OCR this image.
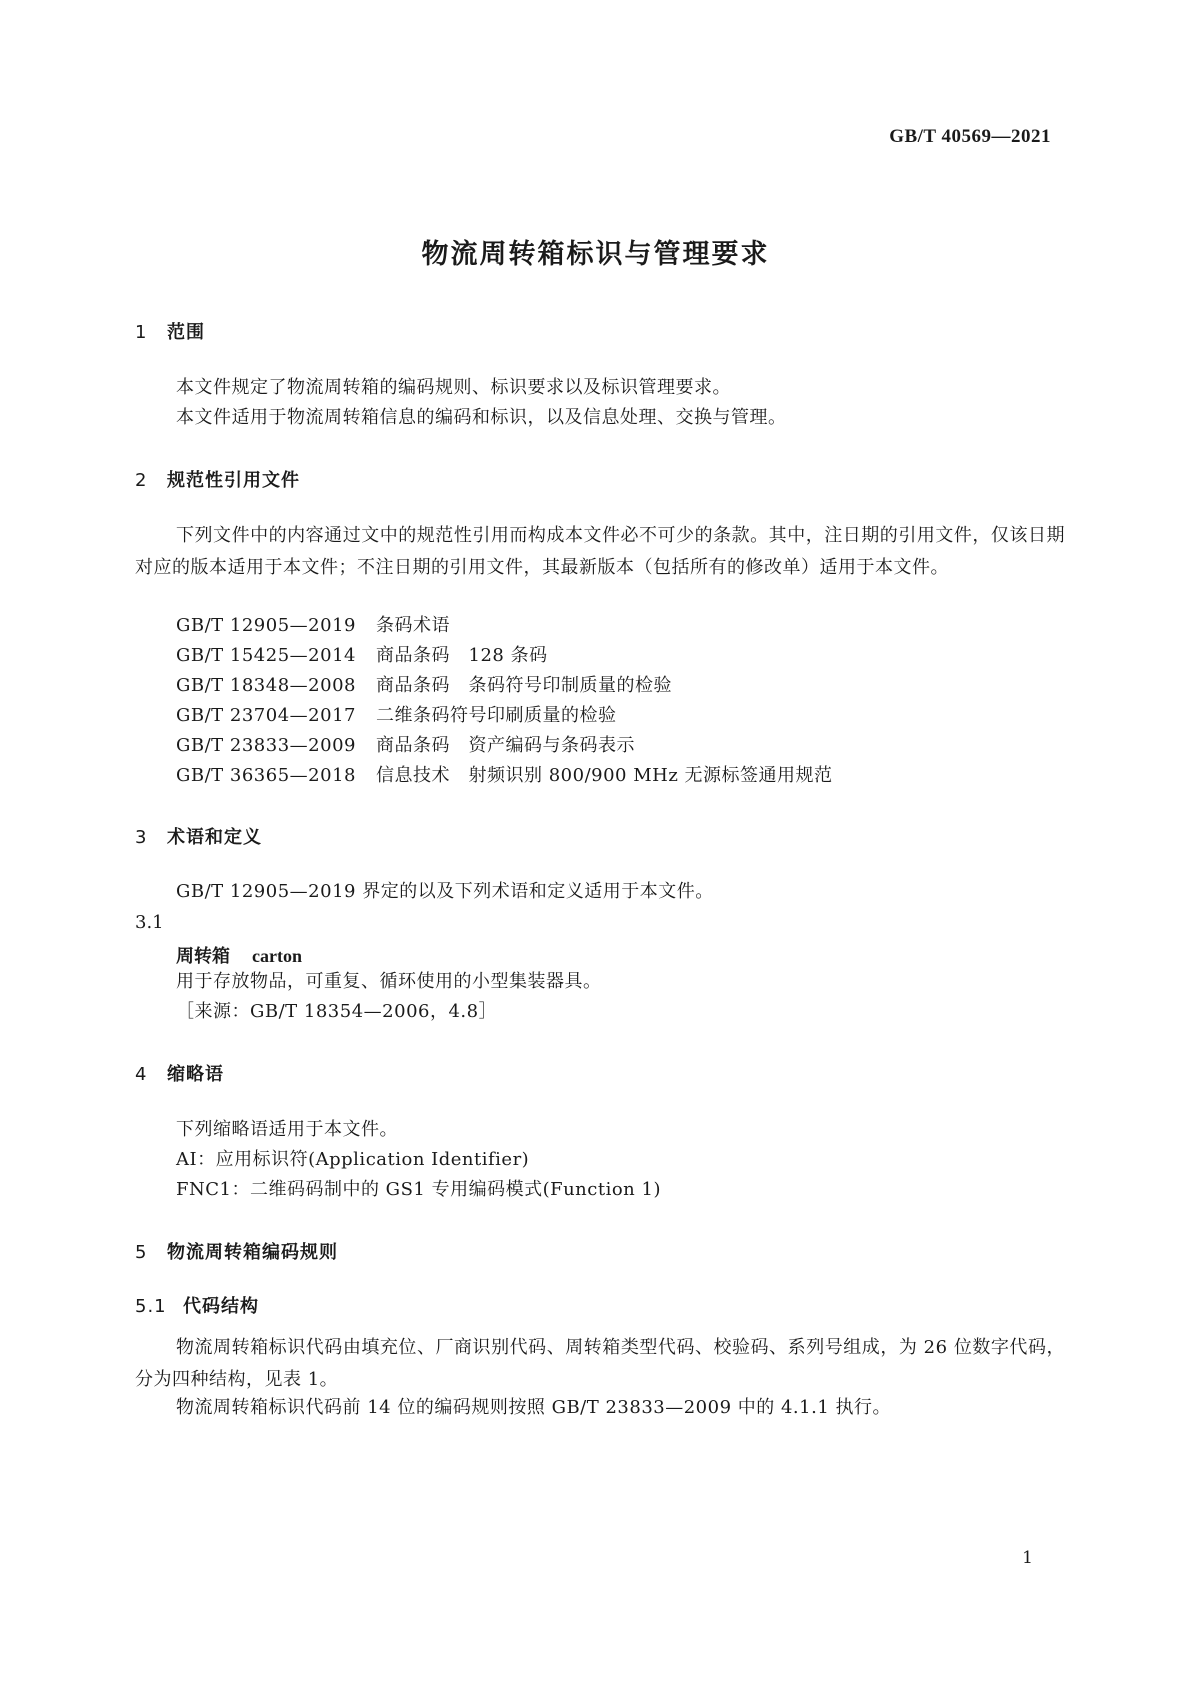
GB/T 40569—2021
物流周转箱标识与管理要求
1 范围
本文件规定了物流周转箱的编码规则、标识要求以及标识管理要求。
本文件适用于物流周转箱信息的编码和标识，以及信息处理、交换与管理。
2 规范性引用文件
下列文件中的内容通过文中的规范性引用而构成本文件必不可少的条款。其中，注日期的引用文件，仅该日期对应的版本适用于本文件；不注日期的引用文件，其最新版本（包括所有的修改单）适用于本文件。
GB/T 12905—2019 条码术语
GB/T 15425—2014 商品条码　128 条码
GB/T 18348—2008 商品条码　条码符号印制质量的检验
GB/T 23704—2017 二维条码符号印刷质量的检验
GB/T 23833—2009 商品条码　资产编码与条码表示
GB/T 36365—2018 信息技术　射频识别 800/900 MHz 无源标签通用规范
3 术语和定义
GB/T 12905—2019 界定的以及下列术语和定义适用于本文件。
3.1
周转箱 carton
用于存放物品，可重复、循环使用的小型集装器具。
［来源：GB/T 18354—2006，4.8］
4 缩略语
下列缩略语适用于本文件。
AI：应用标识符(Application Identifier)
FNC1：二维码码制中的 GS1 专用编码模式(Function 1)
5 物流周转箱编码规则
5.1 代码结构
物流周转箱标识代码由填充位、厂商识别代码、周转箱类型代码、校验码、系列号组成，为 26 位数字代码，分为四种结构，见表 1。
物流周转箱标识代码前 14 位的编码规则按照 GB/T 23833—2009 中的 4.1.1 执行。
1
